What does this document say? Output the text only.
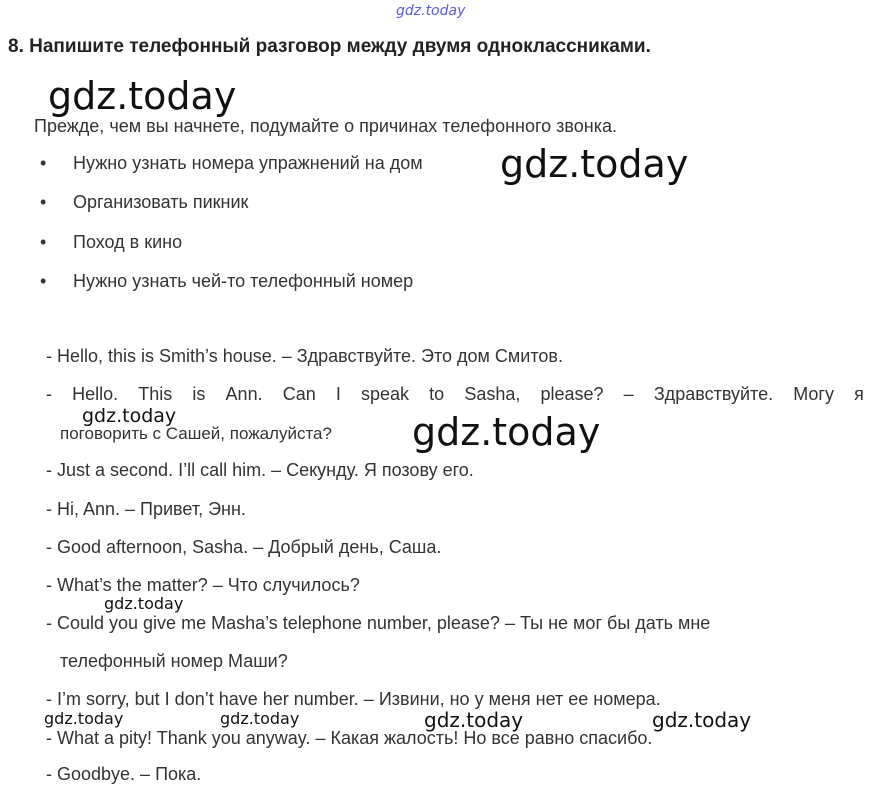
gdz.today
gdz.today
gdz.today
gdz.today
gdz.today
gdz.today
gdz.today	gdz.today	gdz.today	gdz.today
8. Напишите телефонный разговор между двумя одноклассниками.
Прежде, чем вы начнете, подумайте о причинах телефонного звонка.
• Нужно узнать номера упражнений на дом
• Организовать пикник
• Поход в кино
• Нужно узнать чей-то телефонный номер
- Hello, this is Smith’s house. – Здравствуйте. Это дом Смитов.
- Hello. This is Ann. Can I speak to Sasha, please? – Здравствуйте. Могу я
поговорить с Сашей, пожалуйста?
- Just a second. I’ll call him. – Секунду. Я позову его.
- Hi, Ann. – Привет, Энн.
- Good afternoon, Sasha. – Добрый день, Саша.
- What’s the matter? – Что случилось?
- Could you give me Masha’s telephone number, please? – Ты не мог бы дать мне
телефонный номер Маши?
- I’m sorry, but I don’t have her number. – Извини, но у меня нет ее номера.
- What a pity! Thank you anyway. – Какая жалость! Но все равно спасибо.
- Goodbye. – Пока.
